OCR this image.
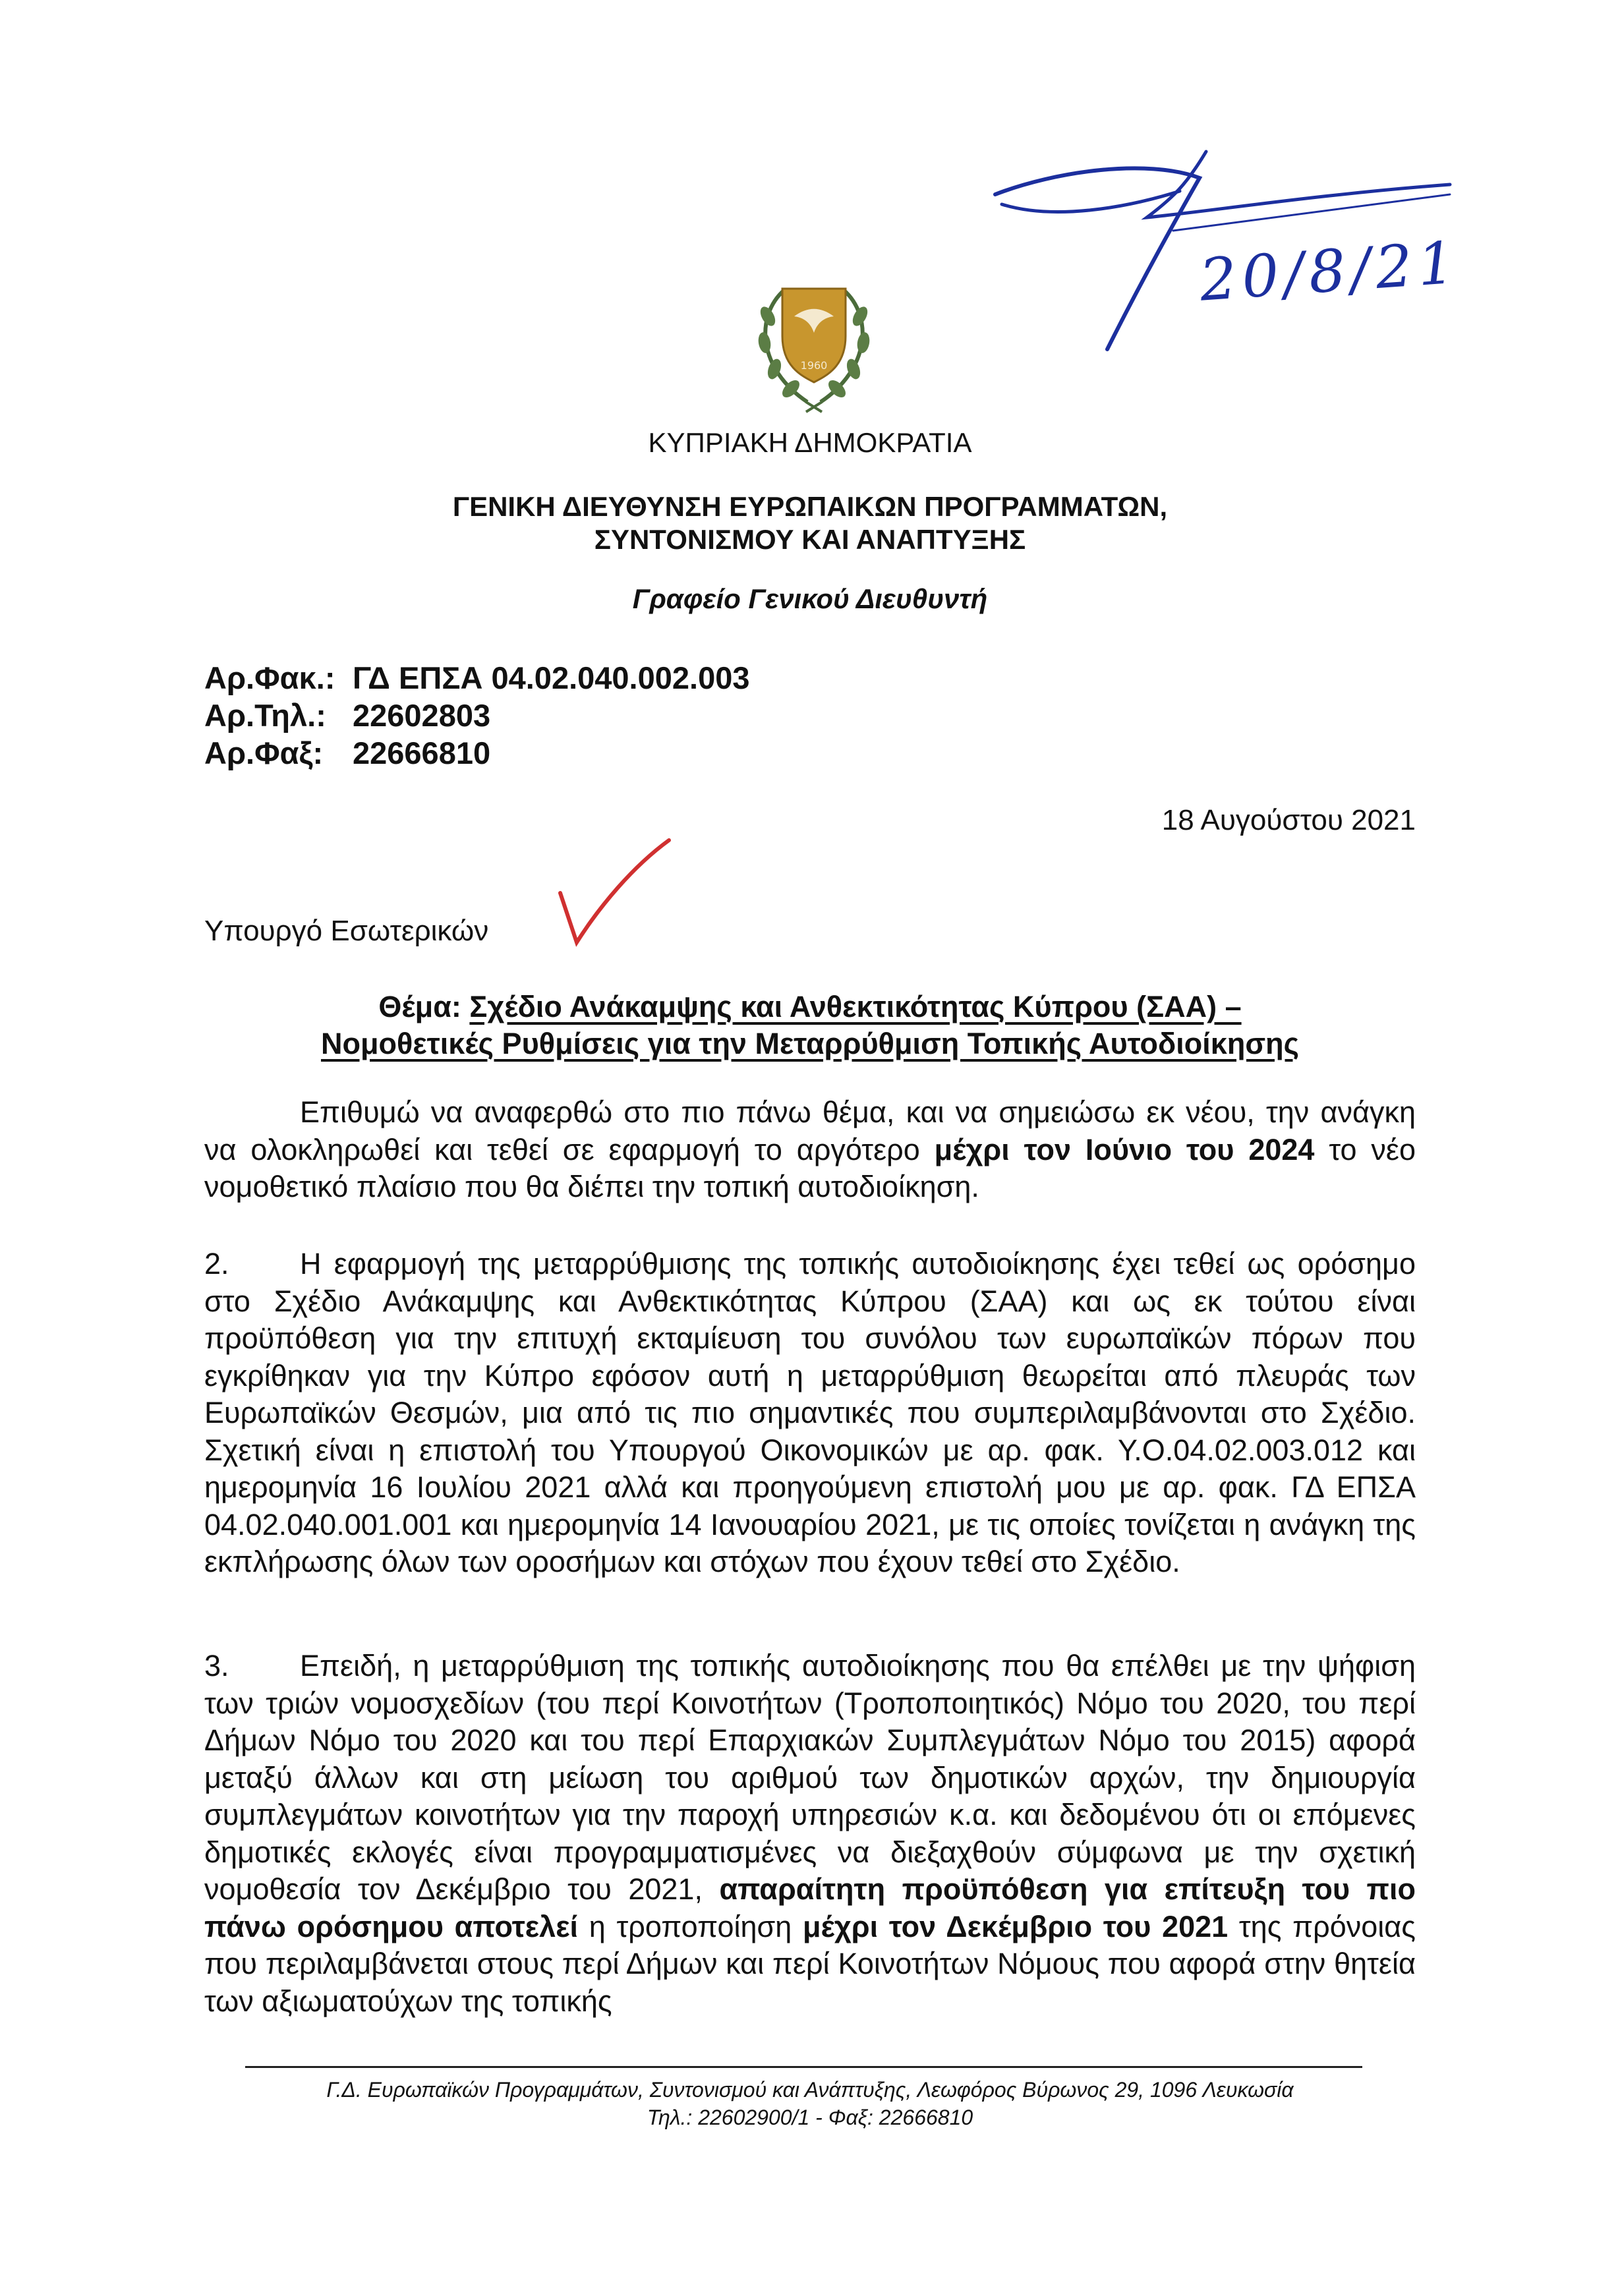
20/8/21
1960
ΚΥΠΡΙΑΚΗ ΔΗΜΟΚΡΑΤΙΑ
ΓΕΝΙΚΗ ΔΙΕΥΘΥΝΣΗ ΕΥΡΩΠΑΙΚΩΝ ΠΡΟΓΡΑΜΜΑΤΩΝ,
ΣΥΝΤΟΝΙΣΜΟΥ ΚΑΙ ΑΝΑΠΤΥΞΗΣ
Γραφείο Γενικού Διευθυντή
Αρ.Φακ.: ΓΔ ΕΠΣΑ 04.02.040.002.003
Αρ.Τηλ.: 22602803
Αρ.Φαξ: 22666810
18 Αυγούστου 2021
Υπουργό Εσωτερικών
Θέμα: Σχέδιο Ανάκαμψης και Ανθεκτικότητας Κύπρου (ΣΑΑ) –
Νομοθετικές Ρυθμίσεις για την Μεταρρύθμιση Τοπικής Αυτοδιοίκησης
Επιθυμώ να αναφερθώ στο πιο πάνω θέμα, και να σημειώσω εκ νέου, την ανάγκη να ολοκληρωθεί και τεθεί σε εφαρμογή το αργότερο μέχρι τον Ιούνιο του 2024 το νέο νομοθετικό πλαίσιο που θα διέπει την τοπική αυτοδιοίκηση.
2. Η εφαρμογή της μεταρρύθμισης της τοπικής αυτοδιοίκησης έχει τεθεί ως ορόσημο στο Σχέδιο Ανάκαμψης και Ανθεκτικότητας Κύπρου (ΣΑΑ) και ως εκ τούτου είναι προϋπόθεση για την επιτυχή εκταμίευση του συνόλου των ευρωπαϊκών πόρων που εγκρίθηκαν για την Κύπρο εφόσον αυτή η μεταρρύθμιση θεωρείται από πλευράς των Ευρωπαϊκών Θεσμών, μια από τις πιο σημαντικές που συμπεριλαμβάνονται στο Σχέδιο. Σχετική είναι η επιστολή του Υπουργού Οικονομικών με αρ. φακ. Υ.Ο.04.02.003.012 και ημερομηνία 16 Ιουλίου 2021 αλλά και προηγούμενη επιστολή μου με αρ. φακ. ΓΔ ΕΠΣΑ 04.02.040.001.001 και ημερομηνία 14 Ιανουαρίου 2021, με τις οποίες τονίζεται η ανάγκη της εκπλήρωσης όλων των οροσήμων και στόχων που έχουν τεθεί στο Σχέδιο.
3. Επειδή, η μεταρρύθμιση της τοπικής αυτοδιοίκησης που θα επέλθει με την ψήφιση των τριών νομοσχεδίων (του περί Κοινοτήτων (Τροποποιητικός) Νόμο του 2020, του περί Δήμων Νόμο του 2020 και του περί Επαρχιακών Συμπλεγμάτων Νόμο του 2015) αφορά μεταξύ άλλων και στη μείωση του αριθμού των δημοτικών αρχών, την δημιουργία συμπλεγμάτων κοινοτήτων για την παροχή υπηρεσιών κ.α. και δεδομένου ότι οι επόμενες δημοτικές εκλογές είναι προγραμματισμένες να διεξαχθούν σύμφωνα με την σχετική νομοθεσία τον Δεκέμβριο του 2021, απαραίτητη προϋπόθεση για επίτευξη του πιο πάνω ορόσημου αποτελεί η τροποποίηση μέχρι τον Δεκέμβριο του 2021 της πρόνοιας που περιλαμβάνεται στους περί Δήμων και περί Κοινοτήτων Νόμους που αφορά στην θητεία των αξιωματούχων της τοπικής
Γ.Δ. Ευρωπαϊκών Προγραμμάτων, Συντονισμού και Ανάπτυξης, Λεωφόρος Βύρωνος 29, 1096 Λευκωσία
Τηλ.: 22602900/1 - Φαξ: 22666810
